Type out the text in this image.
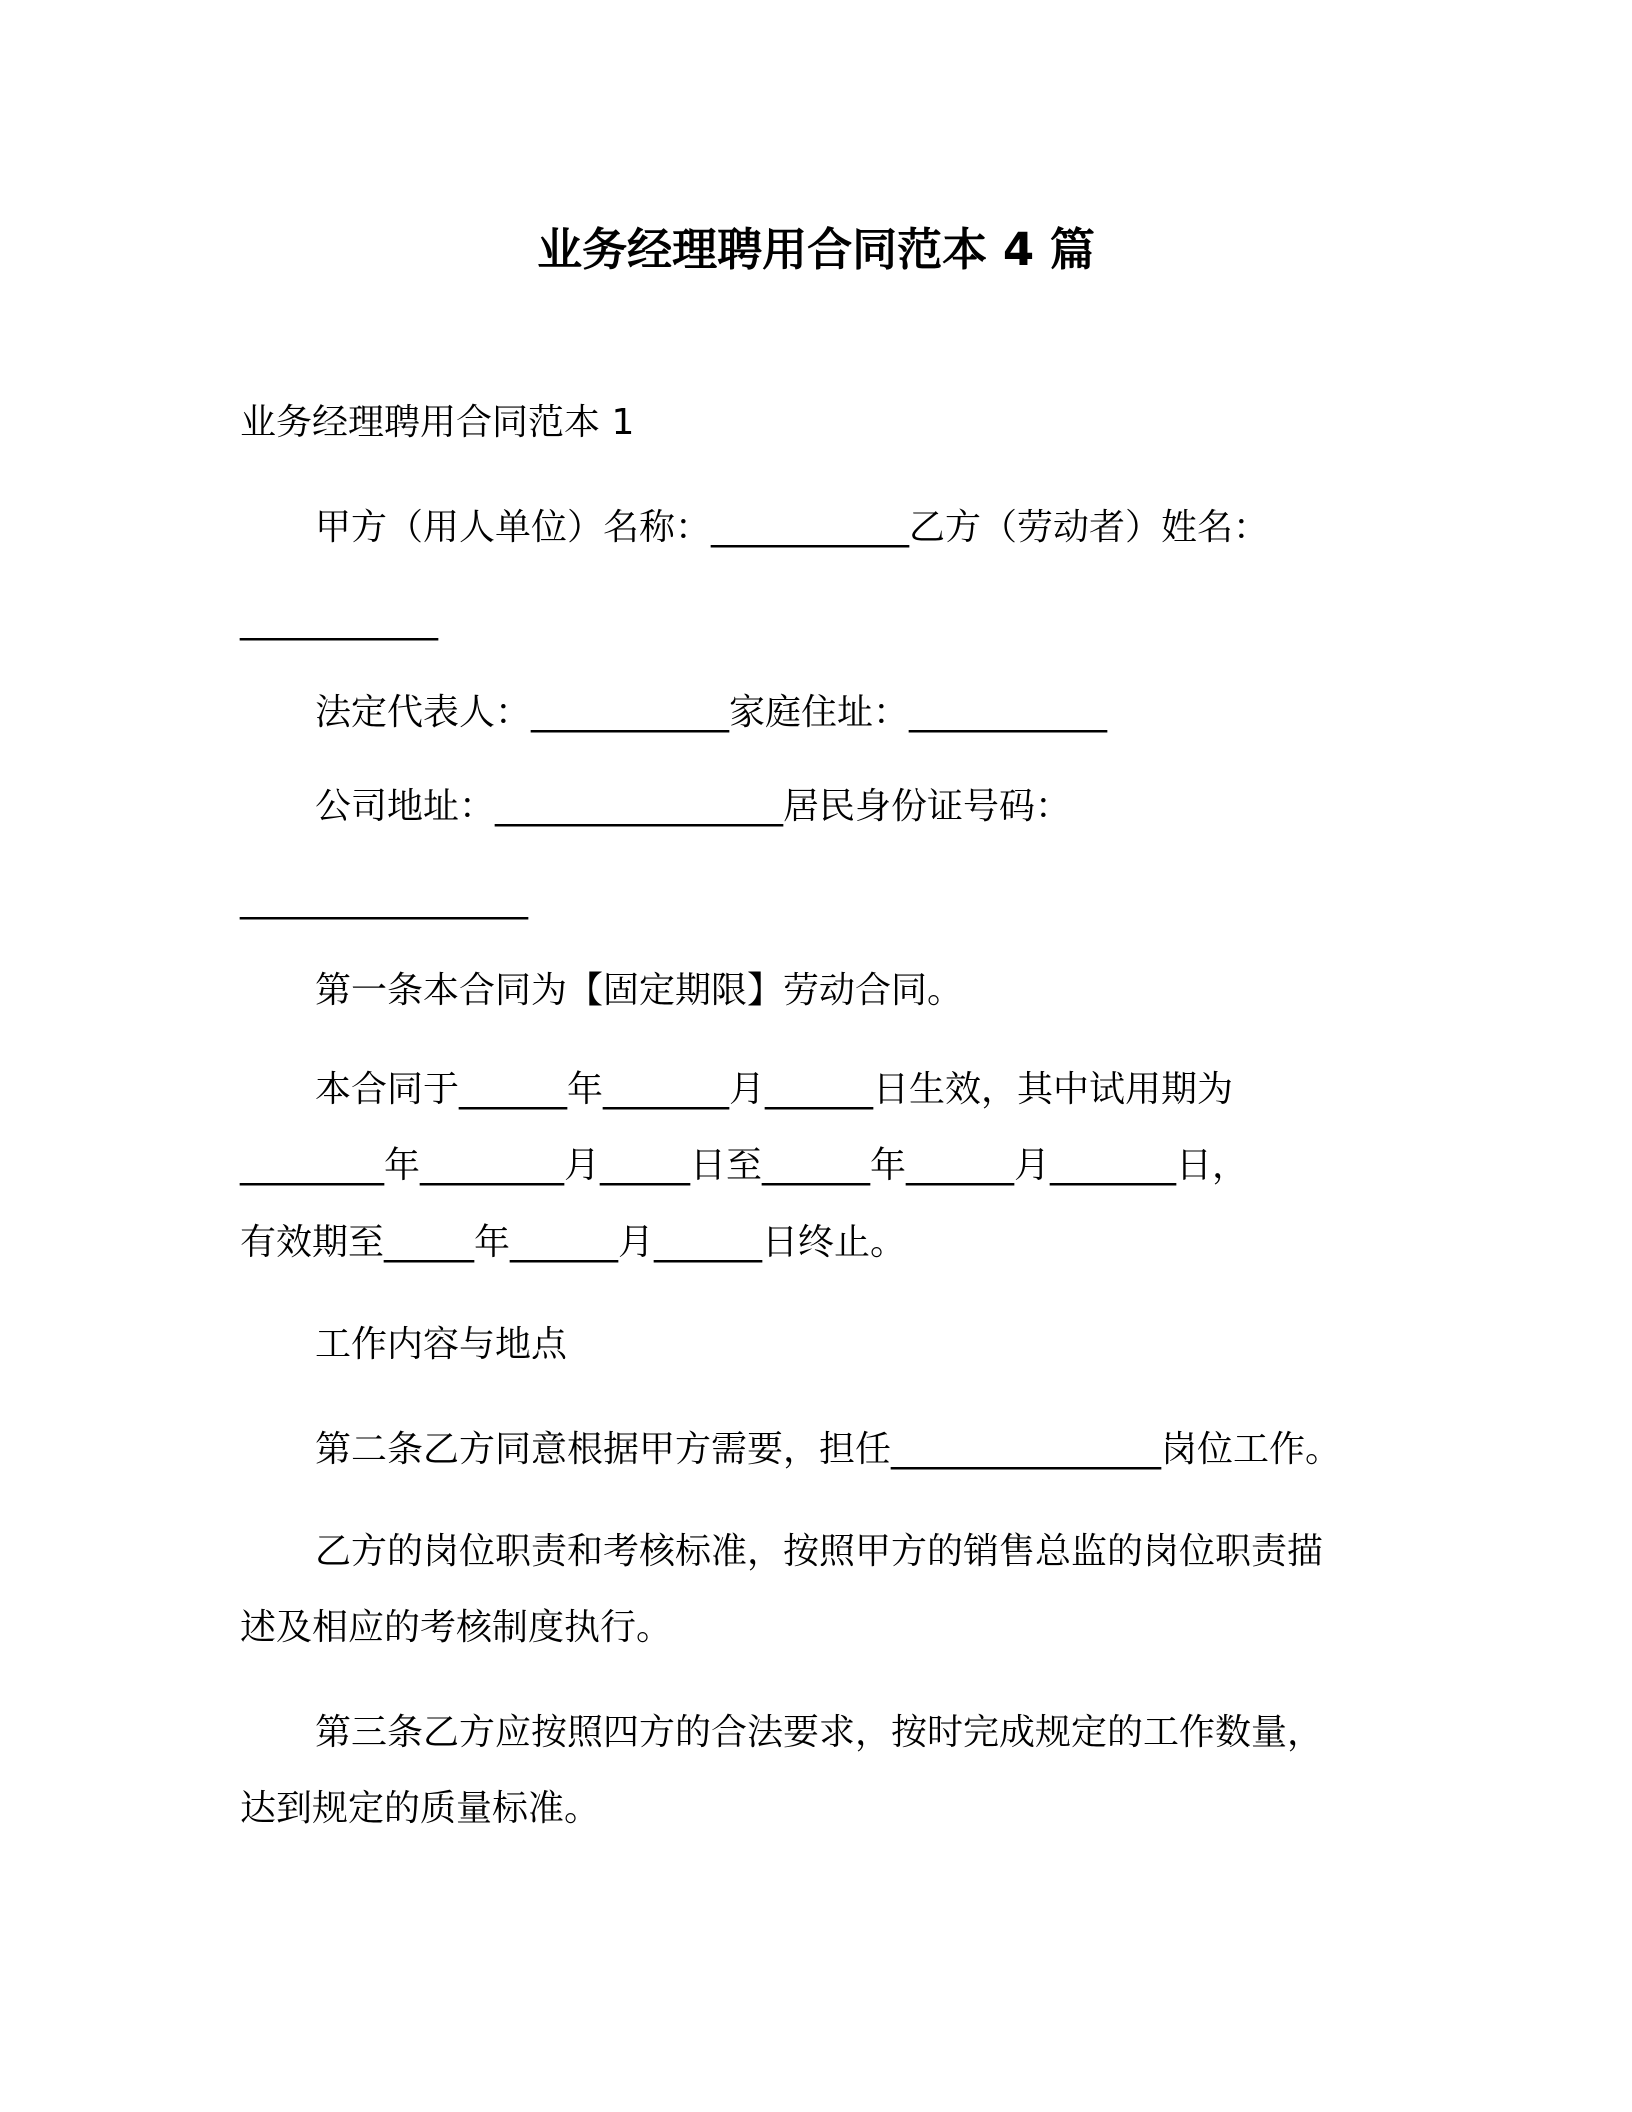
业务经理聘用合同范本 4 篇

业务经理聘用合同范本 1

甲方（用人单位）名称：___________乙方（劳动者）姓名：

___________

法定代表人：___________家庭住址：___________

公司地址：________________居民身份证号码：

________________

第一条本合同为【固定期限】劳动合同。

本合同于______年_______月______日生效，其中试用期为

________年________月_____日至______年______月_______日，

有效期至_____年______月______日终止。

工作内容与地点

第二条乙方同意根据甲方需要，担任_______________岗位工作。

乙方的岗位职责和考核标准，按照甲方的销售总监的岗位职责描

述及相应的考核制度执行。

第三条乙方应按照四方的合法要求，按时完成规定的工作数量，

达到规定的质量标准。
